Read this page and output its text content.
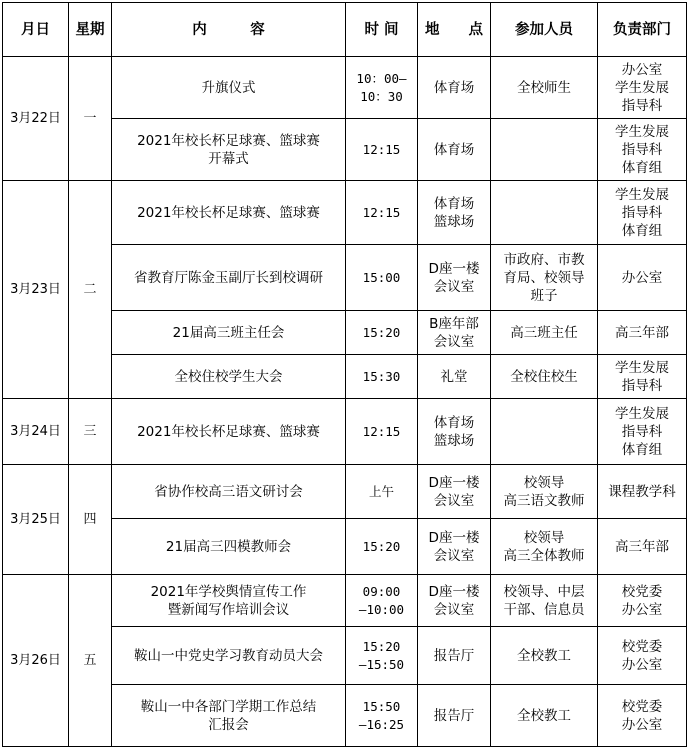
月日	星期	内　　　容	时 间	地　　点	参加人员	负责部门
3月22日	一	升旗仪式	10：00—
10：30	体育场	全校师生	办公室
学生发展
指导科
		2021年校长杯足球赛、篮球赛
开幕式	12:15	体育场		学生发展
指导科
体育组
3月23日	二	2021年校长杯足球赛、篮球赛	12:15	体育场
篮球场		学生发展
指导科
体育组
		省教育厅陈金玉副厅长到校调研	15:00	D座一楼
会议室	市政府、市教
育局、校领导
班子	办公室
		21届高三班主任会	15:20	B座年部
会议室	高三班主任	高三年部
		全校住校学生大会	15:30	礼堂	全校住校生	学生发展
指导科
3月24日	三	2021年校长杯足球赛、篮球赛	12:15	体育场
篮球场		学生发展
指导科
体育组
3月25日	四	省协作校高三语文研讨会	上午	D座一楼
会议室	校领导
高三语文教师	课程教学科
		21届高三四模教师会	15:20	D座一楼
会议室	校领导
高三全体教师	高三年部
3月26日	五	2021年学校舆情宣传工作
暨新闻写作培训会议	09:00
—10:00	D座一楼
会议室	校领导、中层
干部、信息员	校党委
办公室
		鞍山一中党史学习教育动员大会	15:20
—15:50	报告厅	全校教工	校党委
办公室
		鞍山一中各部门学期工作总结
汇报会	15:50
—16:25	报告厅	全校教工	校党委
办公室
